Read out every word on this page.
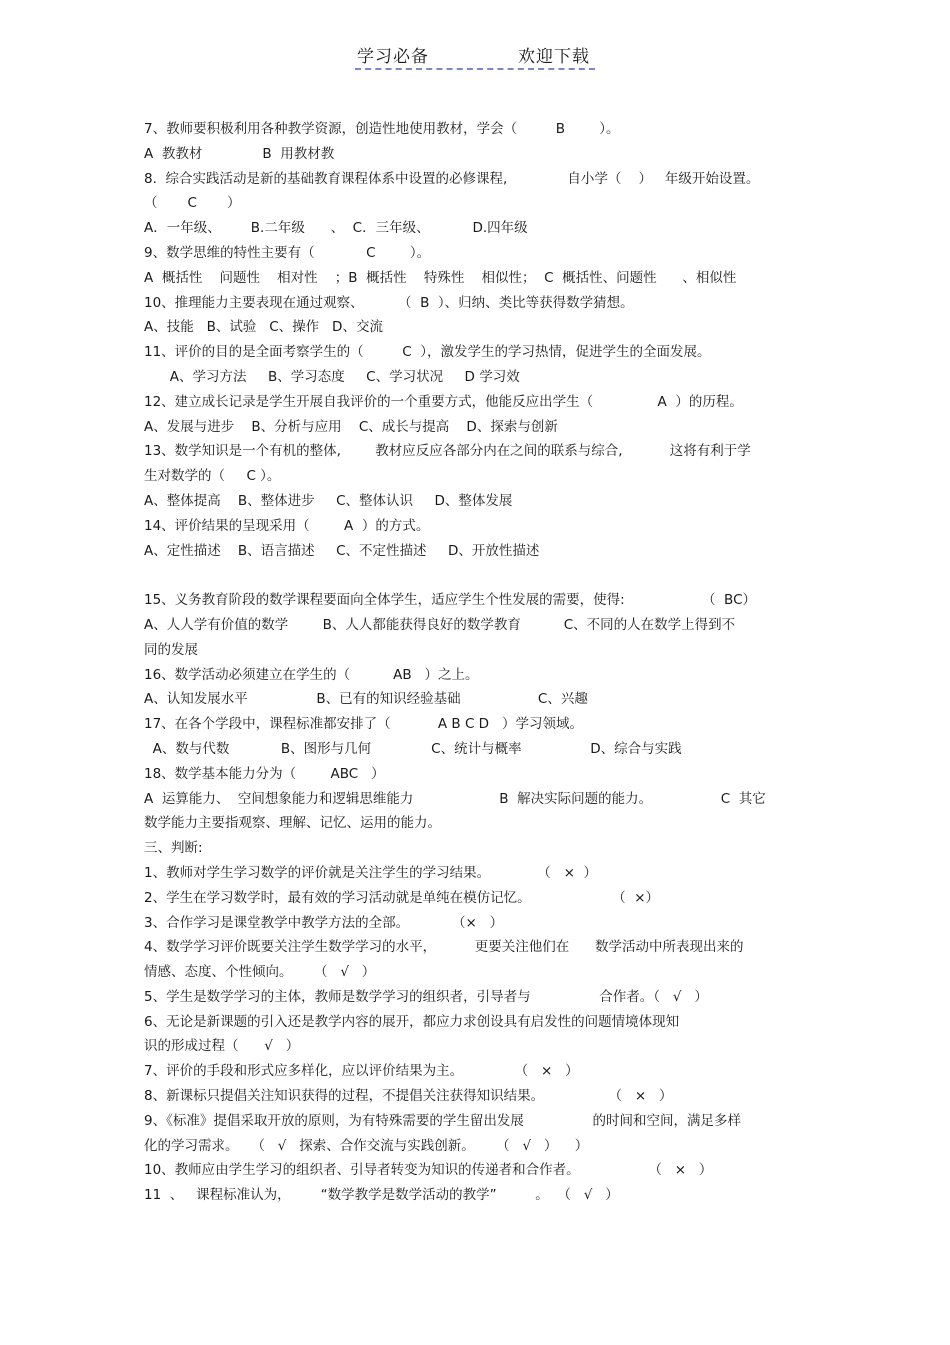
学习必备	欢迎下载
7、教师要积极利用各种教学资源，创造性地使用教材，学会（         B        ）。
A  教教材              B  用教材教
8.  综合实践活动是新的基础教育课程体系中设置的必修课程,              自小学（    ）   年级开始设置。
（       C       ）
A．一年级、       B.二年级      、  C．三年级、          D.四年级
9、数学思维的特性主要有（            C        ）。
A  概括性    问题性    相对性    ；B  概括性    特殊性    相似性；  C  概括性、问题性      、相似性
10、推理能力主要表现在通过观察、        （  B  ）、归纳、类比等获得数学猜想。
A、技能   B、试验   C、操作   D、交流
11、评价的目的是全面考察学生的（         C  ），激发学生的学习热情，促进学生的全面发展。
A、学习方法     B、学习态度     C、学习状况     D 学习效
12、建立成长记录是学生开展自我评价的一个重要方式，他能反应出学生（               A  ）的历程。
A、发展与进步    B、分析与应用    C、成长与提高    D、探索与创新
13、数学知识是一个有机的整体,        教材应反应各部分内在之间的联系与综合,           这将有利于学
生对数学的（     C ）。
A、整体提高    B、整体进步     C、整体认识     D、整体发展
14、评价结果的呈现采用（        A  ）的方式。
A、定性描述    B、语言描述     C、不定性描述     D、开放性描述
15、义务教育阶段的数学课程要面向全体学生，适应学生个性发展的需要，使得:                  （  BC）
A、人人学有价值的数学        B、人人都能获得良好的数学教育          C、不同的人在数学上得到不
同的发展
16、数学活动必须建立在学生的（          AB   ）之上。
A、认知发展水平                B、已有的知识经验基础                  C、兴趣
17、在各个学段中，课程标准都安排了（           A B C D   ）学习领域。
A、数与代数            B、图形与几何              C、统计与概率                D、综合与实践
18、数学基本能力分为（        ABC   ）
A  运算能力、  空间想象能力和逻辑思维能力                    B  解决实际问题的能力。                C  其它
数学能力主要指观察、理解、记忆、运用的能力。
三、判断:
1、教师对学生学习数学的评价就是关注学生的学习结果。           （   ×  ）
2、学生在学习数学时，最有效的学习活动就是单纯在模仿记忆。                   （  ×）
3、合作学习是课堂教学中教学方法的全部。          （×   ）
4、数学学习评价既要关注学生数学学习的水平，         更要关注他们在      数学活动中所表现出来的
情感、态度、个性倾向。     （   √   ）
5、学生是数学学习的主体，教师是数学学习的组织者，引导者与                合作者。（   √   ）
6、无论是新课题的引入还是教学内容的展开，都应力求创设具有启发性的问题情境体现知
识的形成过程（      √   ）
7、评价的手段和形式应多样化，应以评价结果为主。            （   ×   ）
8、新课标只提倡关注知识获得的过程，不提倡关注获得知识结果。               （   ×   ）
9、《标准》提倡采取开放的原则，为有特殊需要的学生留出发展                的时间和空间，满足多样
化的学习需求。   （   √   探索、合作交流与实践创新。     （   √   ）    ）
10、教师应由学生学习的组织者、引导者转变为知识的传递者和合作者。                （   ×   ）
11  、   课程标准认为，       “数学教学是数学活动的教学”         。  （   √   ）
